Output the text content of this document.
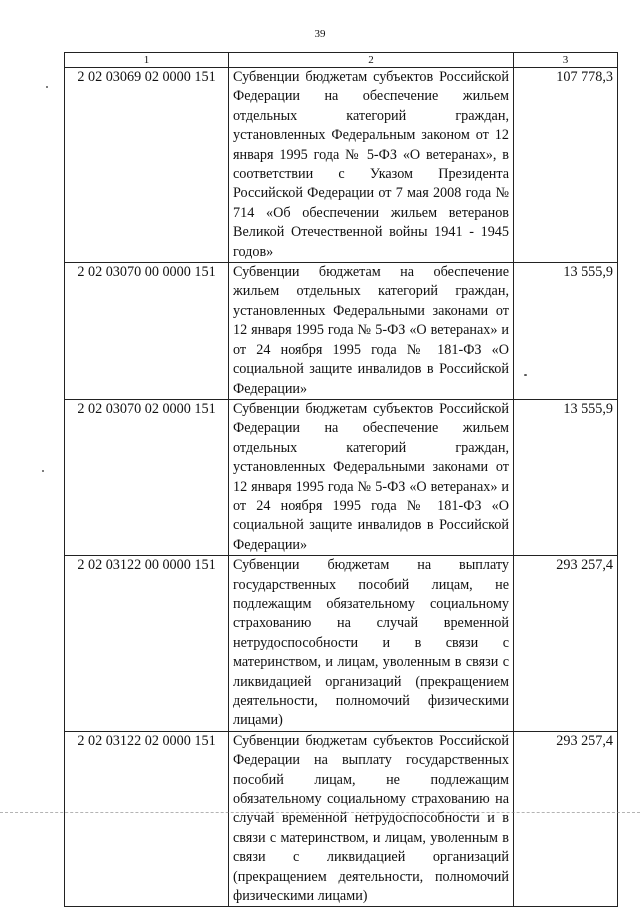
39
1	2	3
2 02 03069 02 0000 151	Субвенции бюджетам субъектов Российской Федерации на обеспечение жильем отдельных категорий граждан, установленных Федеральным законом от 12 января 1995 года № 5-ФЗ «О ветеранах», в соответствии с Указом Президента Российской Федерации от 7 мая 2008 года № 714 «Об обеспечении жильем ветеранов Великой Отечественной войны 1941 - 1945 годов»	107 778,3
2 02 03070 00 0000 151	Субвенции бюджетам на обеспечение жильем отдельных категорий граждан, установленных Федеральными законами от 12 января 1995 года № 5-ФЗ «О ветеранах» и от 24 ноября 1995 года № 181-ФЗ «О социальной защите инвалидов в Российской Федерации»	13 555,9
2 02 03070 02 0000 151	Субвенции бюджетам субъектов Российской Федерации на обеспечение жильем отдельных категорий граждан, установленных Федеральными законами от 12 января 1995 года № 5-ФЗ «О ветеранах» и от 24 ноября 1995 года № 181-ФЗ «О социальной защите инвалидов в Российской Федерации»	13 555,9
2 02 03122 00 0000 151	Субвенции бюджетам на выплату государственных пособий лицам, не подлежащим обязательному социальному страхованию на случай временной нетрудоспособности и в связи с материнством, и лицам, уволенным в связи с ликвидацией организаций (прекращением деятельности, полномочий физическими лицами)	293 257,4
2 02 03122 02 0000 151	Субвенции бюджетам субъектов Российской Федерации на выплату государственных пособий лицам, не подлежащим обязательному социальному страхованию на случай временной нетрудоспособности и в связи с материнством, и лицам, уволенным в связи с ликвидацией организаций (прекращением деятельности, полномочий физическими лицами)	293 257,4
